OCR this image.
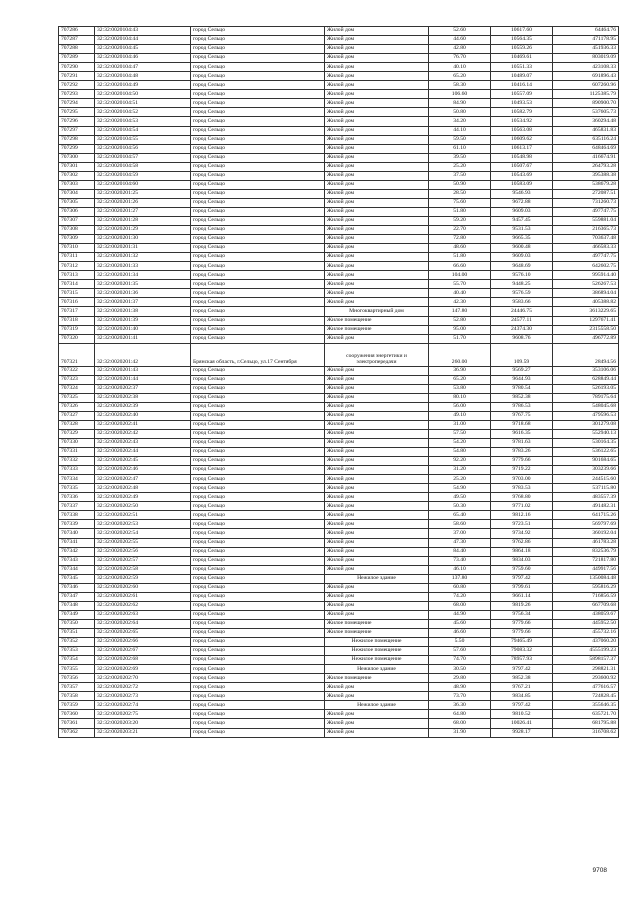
707286	32:32:0020104:43	город Сельцо	Жилой дом	52.60	10617.60	64464.76
707287	32:32:0020104:44	город Сельцо	Жилой дом	44.60	10564.35	471178.95
707288	32:32:0020104:45	город Сельцо	Жилой дом	42.80	10559.26	451936.33
707289	32:32:0020104:46	город Сельцо	Жилой дом	76.70	10469.61	803019.09
707290	32:32:0020104:47	город Сельцо	Жилой дом	40.10	10551.33	423108.33
707291	32:32:0020104:48	город Сельцо	Жилой дом	65.20	10489.07	691896.43
707292	32:32:0020104:49	город Сельцо	Жилой дом	58.30	10416.14	607260.96
707293	32:32:0020104:50	город Сельцо	Жилой дом	106.60	10557.09	1125385.79
707294	32:32:0020104:51	город Сельцо	Жилой дом	84.90	10493.53	890900.70
707295	32:32:0020104:52	город Сельцо	Жилой дом	50.80	10582.79	537605.73
707296	32:32:0020104:53	город Сельцо	Жилой дом	34.20	10534.92	360294.48
707297	32:32:0020104:54	город Сельцо	Жилой дом	44.10	10563.08	465831.83
707298	32:32:0020104:55	город Сельцо	Жилой дом	59.50	10609.62	635116.24
707299	32:32:0020104:56	город Сельцо	Жилой дом	61.10	10613.17	648464.69
707300	32:32:0020104:57	город Сельцо	Жилой дом	39.50	10548.98	416674.91
707301	32:32:0020104:58	город Сельцо	Жилой дом	25.20	10507.67	264793.28
707302	32:32:0020104:59	город Сельцо	Жилой дом	37.50	10543.69	395388.38
707303	32:32:0020104:60	город Сельцо	Жилой дом	50.90	10583.09	538679.28
707304	32:32:0020201:25	город Сельцо	Жилой дом	28.50	9546.93	272087.51
707305	32:32:0020201:26	город Сельцо	Жилой дом	75.60	9672.88	731260.73
707306	32:32:0020201:27	город Сельцо	Жилой дом	51.80	9609.03	497747.75
707307	32:32:0020201:28	город Сельцо	Жилой дом	59.20	9457.45	559881.04
707308	32:32:0020201:29	город Сельцо	Жилой дом	22.70	9531.53	216365.73
707309	32:32:0020201:30	город Сельцо	Жилой дом	72.80	9665.35	703637.48
707310	32:32:0020201:31	город Сельцо	Жилой дом	48.60	9600.48	466583.33
707311	32:32:0020201:32	город Сельцо	Жилой дом	51.80	9609.03	497747.75
707312	32:32:0020201:33	город Сельцо	Жилой дом	66.60	9648.69	642602.75
707313	32:32:0020201:34	город Сельцо	Жилой дом	104.00	9576.10	995914.40
707314	32:32:0020201:35	город Сельцо	Жилой дом	55.70	9448.25	526267.53
707315	32:32:0020201:36	город Сельцо	Жилой дом	40.40	9576.59	386894.04
707316	32:32:0020201:37	город Сельцо	Жилой дом	42.30	9583.66	405388.82
707317	32:32:0020201:38	город Сельцо	Многоквартирный дом	147.80	24446.75	3613229.65
707318	32:32:0020201:39	город Сельцо	Жилое помещение	52.80	24577.11	1297671.41
707319	32:32:0020201:40	город Сельцо	Жилое помещение	95.00	24374.30	2315558.50
707320	32:32:0020201:41	город Сельцо	Жилой дом	51.70	9608.76	496772.89
707321	32:32:0020201:42	Брянская область, г.Сельцо, ул.17 Сентября	сооружения энергетики и электропередачи	260.00	109.59	28494.56
707322	32:32:0020201:43	город Сельцо	Жилой дом	36.90	9569.27	353106.06
707323	32:32:0020201:44	город Сельцо	Жилой дом	65.20	9644.93	628849.44
707324	32:32:0020202:37	город Сельцо	Жилой дом	53.80	9780.54	526193.05
707325	32:32:0020202:38	город Сельцо	Жилой дом	80.10	9852.38	789175.64
707326	32:32:0020202:39	город Сельцо	Жилой дом	56.00	9786.53	548045.68
707327	32:32:0020202:40	город Сельцо	Жилой дом	49.10	9767.75	479596.53
707328	32:32:0020202:41	город Сельцо	Жилой дом	31.00	9718.68	301279.08
707329	32:32:0020202:42	город Сельцо	Жилой дом	57.50	9616.35	552940.13
707330	32:32:0020202:43	город Сельцо	Жилой дом	54.20	9781.63	530164.35
707331	32:32:0020202:44	город Сельцо	Жилой дом	54.80	9783.26	536122.65
707332	32:32:0020202:45	город Сельцо	Жилой дом	92.20	9779.66	901684.65
707333	32:32:0020202:46	город Сельцо	Жилой дом	31.20	9719.22	303239.66
707334	32:32:0020202:47	город Сельцо	Жилой дом	25.20	9703.00	244515.60
707335	32:32:0020202:48	город Сельцо	Жилой дом	54.90	9783.53	537115.80
707336	32:32:0020202:49	город Сельцо	Жилой дом	49.50	9768.80	483557.39
707337	32:32:0020202:50	город Сельцо	Жилой дом	50.30	9771.02	491482.31
707338	32:32:0020202:51	город Сельцо	Жилой дом	65.40	9812.16	641715.26
707339	32:32:0020202:53	город Сельцо	Жилой дом	58.60	9723.51	569797.69
707340	32:32:0020202:54	город Сельцо	Жилой дом	37.00	9734.92	360192.04
707341	32:32:0020202:55	город Сельцо	Жилой дом	47.30	9762.86	461783.28
707342	32:32:0020202:56	город Сельцо	Жилой дом	84.40	9864.18	832536.79
707343	32:32:0020202:57	город Сельцо	Жилой дом	73.40	9834.03	721817.80
707344	32:32:0020202:58	город Сельцо	Жилой дом	46.10	9759.60	449917.56
707345	32:32:0020202:59	город Сельцо	Нежилое здание	137.80	9797.42	1350084.48
707346	32:32:0020202:60	город Сельцо	Жилой дом	60.80	9799.61	595816.29
707347	32:32:0020202:61	город Сельцо	Жилой дом	74.20	9661.14	716856.59
707348	32:32:0020202:62	город Сельцо	Жилой дом	68.00	9819.26	667709.68
707349	32:32:0020202:63	город Сельцо	Жилой дом	44.90	9756.34	438059.67
707350	32:32:0020202:64	город Сельцо	Жилое помещение	45.60	9779.66	445952.50
707351	32:32:0020202:65	город Сельцо	Жилое помещение	46.60	9779.66	455732.16
707352	32:32:0020202:66	город Сельцо	Нежилое помещение	5.50	79465.49	437060.20
707353	32:32:0020202:67	город Сельцо	Нежилое помещение	57.60	79083.32	4555199.23
707354	32:32:0020202:68	город Сельцо	Нежилое помещение	74.70	78957.93	5898157.37
707355	32:32:0020202:69	город Сельцо	Нежилое здание	30.50	9797.42	298821.31
707356	32:32:0020202:70	город Сельцо	Жилое помещение	29.80	9852.38	293600.92
707357	32:32:0020202:72	город Сельцо	Жилой дом	48.90	9767.21	477616.57
707358	32:32:0020202:73	город Сельцо	Жилой дом	73.70	9834.85	724828.45
707359	32:32:0020202:74	город Сельцо	Нежилое здание	36.30	9797.42	355646.35
707360	32:32:0020202:75	город Сельцо	Жилой дом	64.80	9810.52	635721.70
707361	32:32:0020203:20	город Сельцо	Жилой дом	68.00	10026.41	681795.88
707362	32:32:0020203:21	город Сельцо	Жилой дом	31.90	9928.17	316708.62
9708
